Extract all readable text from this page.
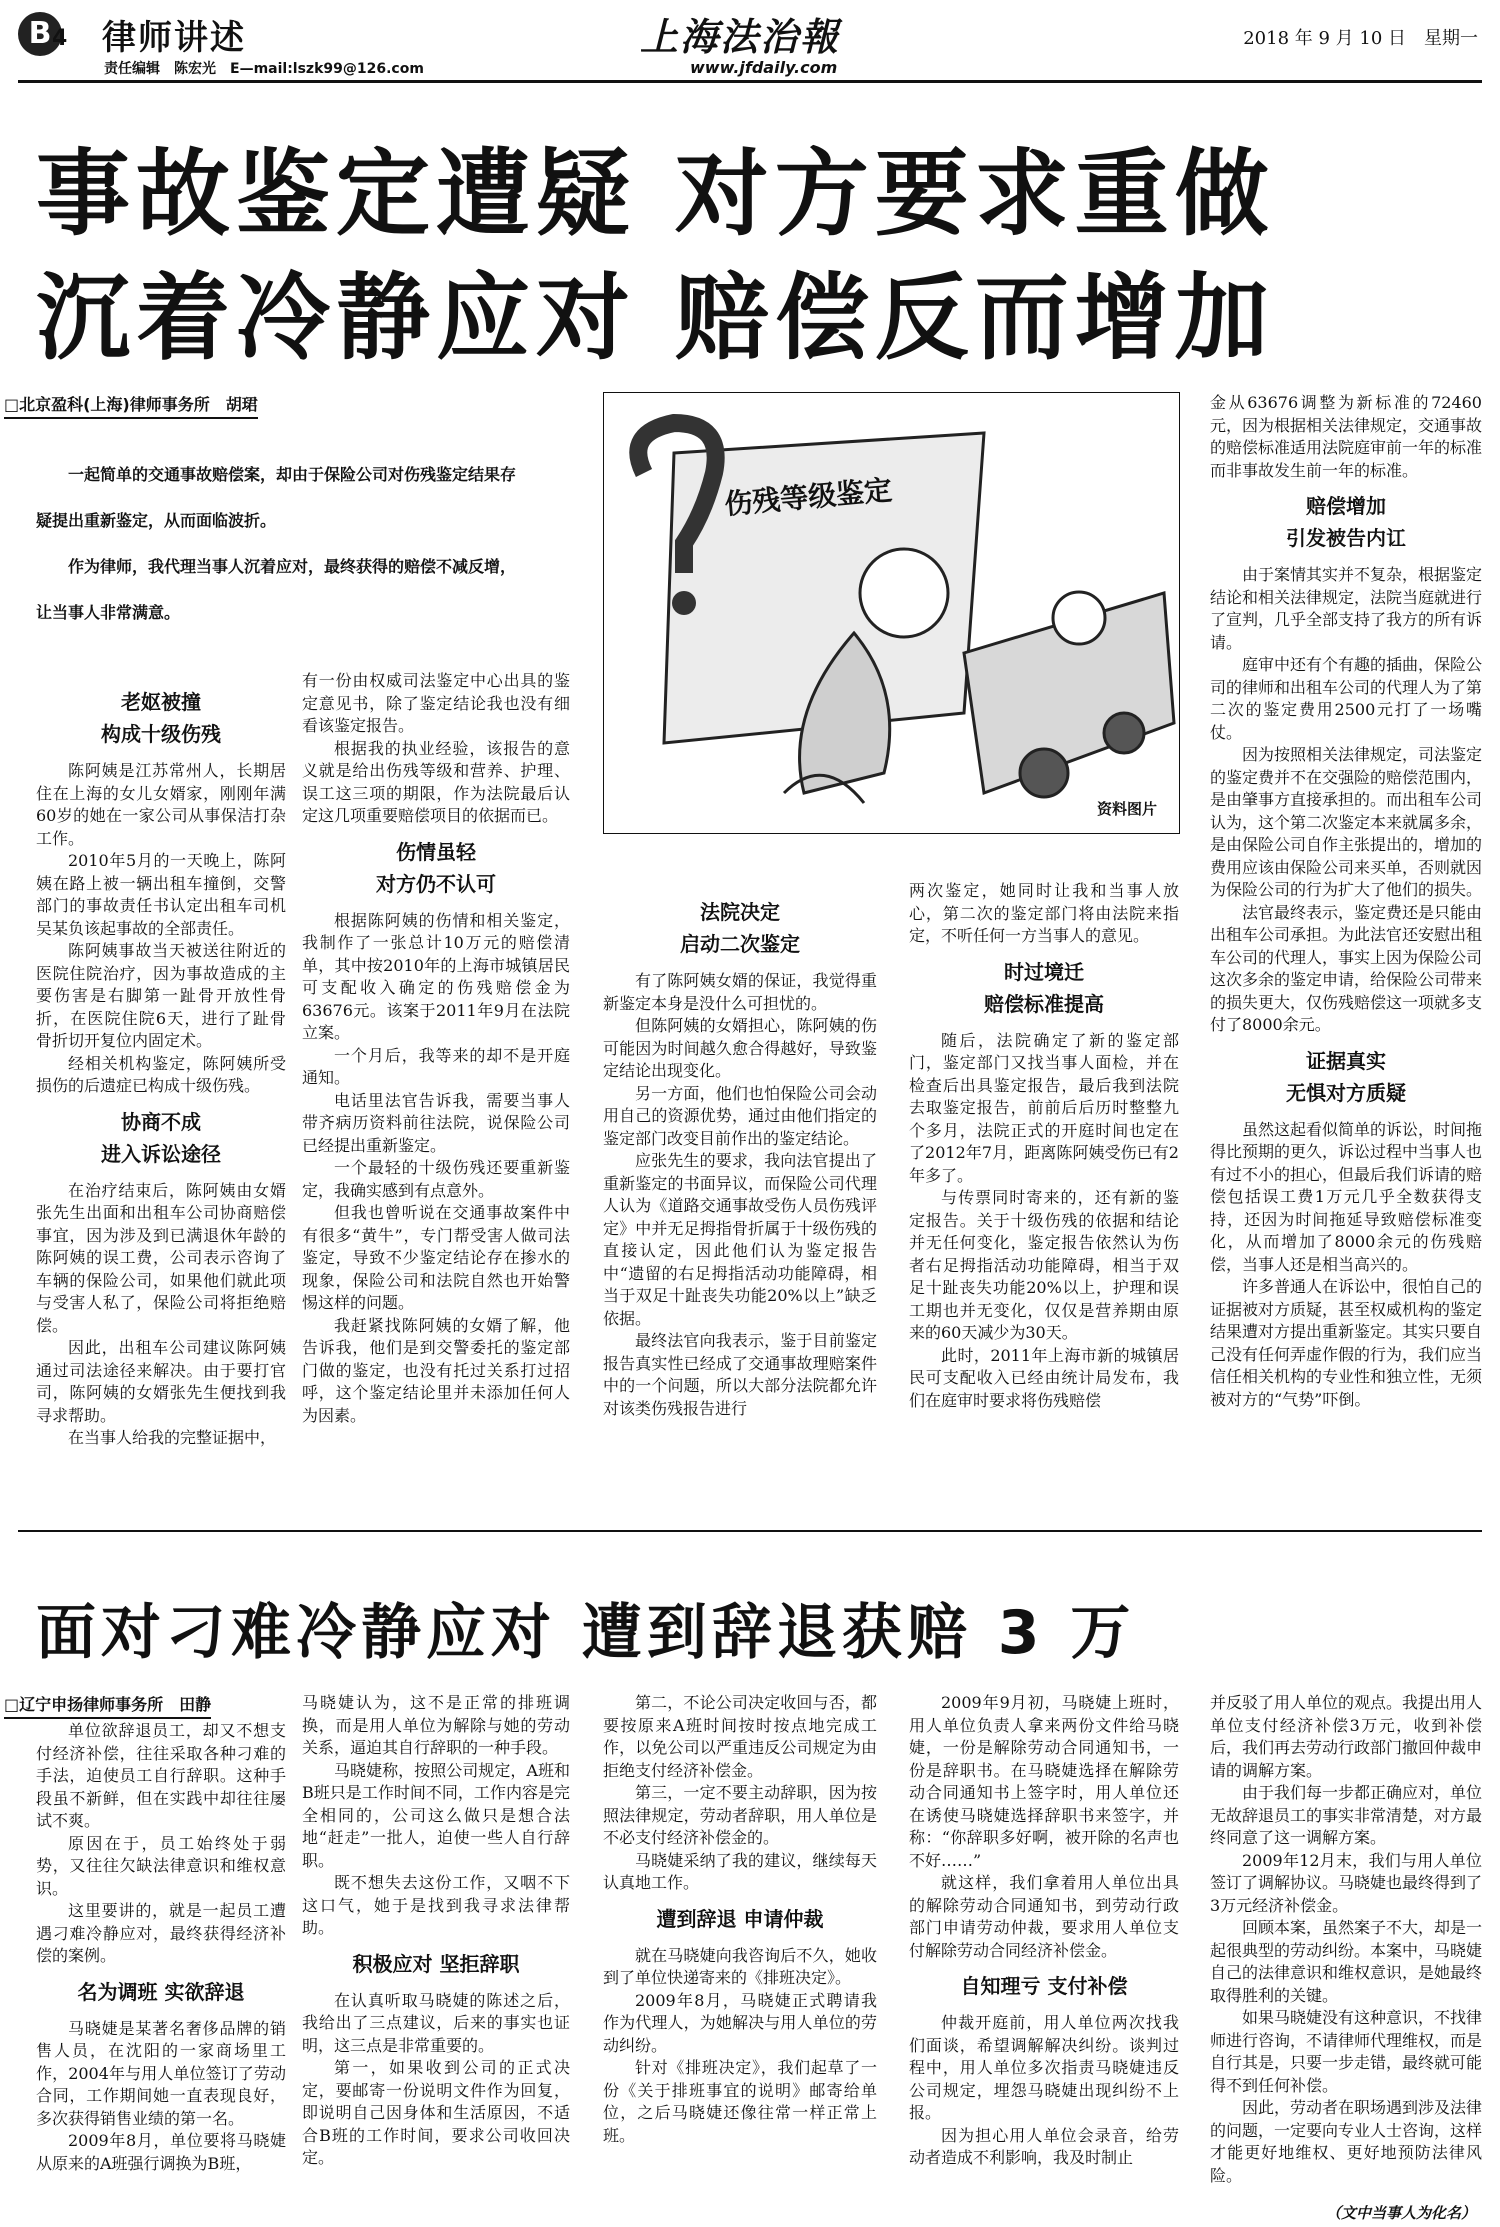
B 4 律师讲述
责任编辑　陈宏光　E—mail:lszk99@126.com
上海法治報
www.jfdaily.com
2018 年 9 月 10 日　星期一
事故鉴定遭疑 对方要求重做
沉着冷静应对 赔偿反而增加
□北京盈科(上海)律师事务所　胡珺

一起简单的交通事故赔偿案，却由于保险公司对伤残鉴定结果存疑提出重新鉴定，从而面临波折。

作为律师，我代理当事人沉着应对，最终获得的赔偿不减反增，让当事人非常满意。

伤残等级鉴定
资料图片
老妪被撞
构成十级伤残

陈阿姨是江苏常州人，长期居住在上海的女儿女婿家，刚刚年满60岁的她在一家公司从事保洁打杂工作。

2010年5月的一天晚上，陈阿姨在路上被一辆出租车撞倒，交警部门的事故责任书认定出租车司机吴某负该起事故的全部责任。

陈阿姨事故当天被送往附近的医院住院治疗，因为事故造成的主要伤害是右脚第一趾骨开放性骨折，在医院住院6天，进行了趾骨骨折切开复位内固定术。

经相关机构鉴定，陈阿姨所受损伤的后遗症已构成十级伤残。

协商不成
进入诉讼途径

在治疗结束后，陈阿姨由女婿张先生出面和出租车公司协商赔偿事宜，因为涉及到已满退休年龄的陈阿姨的误工费，公司表示咨询了车辆的保险公司，如果他们就此项与受害人私了，保险公司将拒绝赔偿。

因此，出租车公司建议陈阿姨通过司法途径来解决。由于要打官司，陈阿姨的女婿张先生便找到我寻求帮助。

在当事人给我的完整证据中，

有一份由权威司法鉴定中心出具的鉴定意见书，除了鉴定结论我也没有细看该鉴定报告。

根据我的执业经验，该报告的意义就是给出伤残等级和营养、护理、误工这三项的期限，作为法院最后认定这几项重要赔偿项目的依据而已。

伤情虽轻
对方仍不认可

根据陈阿姨的伤情和相关鉴定，我制作了一张总计10万元的赔偿清单，其中按2010年的上海市城镇居民可支配收入确定的伤残赔偿金为63676元。该案于2011年9月在法院立案。

一个月后，我等来的却不是开庭通知。

电话里法官告诉我，需要当事人带齐病历资料前往法院，说保险公司已经提出重新鉴定。

一个最轻的十级伤残还要重新鉴定，我确实感到有点意外。

但我也曾听说在交通事故案件中有很多“黄牛”，专门帮受害人做司法鉴定，导致不少鉴定结论存在掺水的现象，保险公司和法院自然也开始警惕这样的问题。

我赶紧找陈阿姨的女婿了解，他告诉我，他们是到交警委托的鉴定部门做的鉴定，也没有托过关系打过招呼，这个鉴定结论里并未添加任何人为因素。

法院决定
启动二次鉴定

有了陈阿姨女婿的保证，我觉得重新鉴定本身是没什么可担忧的。

但陈阿姨的女婿担心，陈阿姨的伤可能因为时间越久愈合得越好，导致鉴定结论出现变化。

另一方面，他们也怕保险公司会动用自己的资源优势，通过由他们指定的鉴定部门改变目前作出的鉴定结论。

应张先生的要求，我向法官提出了重新鉴定的书面异议，而保险公司代理人认为《道路交通事故受伤人员伤残评定》中并无足拇指骨折属于十级伤残的直接认定，因此他们认为鉴定报告中“遗留的右足拇指活动功能障碍，相当于双足十趾丧失功能20%以上”缺乏依据。

最终法官向我表示，鉴于目前鉴定报告真实性已经成了交通事故理赔案件中的一个问题，所以大部分法院都允许对该类伤残报告进行

两次鉴定，她同时让我和当事人放心，第二次的鉴定部门将由法院来指定，不听任何一方当事人的意见。

时过境迁
赔偿标准提高

随后，法院确定了新的鉴定部门，鉴定部门又找当事人面检，并在检查后出具鉴定报告，最后我到法院去取鉴定报告，前前后后历时整整九个多月，法院正式的开庭时间也定在了2012年7月，距离陈阿姨受伤已有2年多了。

与传票同时寄来的，还有新的鉴定报告。关于十级伤残的依据和结论并无任何变化，鉴定报告依然认为伤者右足拇指活动功能障碍，相当于双足十趾丧失功能20%以上，护理和误工期也并无变化，仅仅是营养期由原来的60天减少为30天。

此时，2011年上海市新的城镇居民可支配收入已经由统计局发布，我们在庭审时要求将伤残赔偿

金从63676调整为新标准的72460元，因为根据相关法律规定，交通事故的赔偿标准适用法院庭审前一年的标准而非事故发生前一年的标准。

赔偿增加
引发被告内讧

由于案情其实并不复杂，根据鉴定结论和相关法律规定，法院当庭就进行了宣判，几乎全部支持了我方的所有诉请。

庭审中还有个有趣的插曲，保险公司的律师和出租车公司的代理人为了第二次的鉴定费用2500元打了一场嘴仗。

因为按照相关法律规定，司法鉴定的鉴定费并不在交强险的赔偿范围内，是由肇事方直接承担的。而出租车公司认为，这个第二次鉴定本来就属多余，是由保险公司自作主张提出的，增加的费用应该由保险公司来买单，否则就因为保险公司的行为扩大了他们的损失。

法官最终表示，鉴定费还是只能由出租车公司承担。为此法官还安慰出租车公司的代理人，事实上因为保险公司这次多余的鉴定申请，给保险公司带来的损失更大，仅伤残赔偿这一项就多支付了8000余元。

证据真实
无惧对方质疑

虽然这起看似简单的诉讼，时间拖得比预期的更久，诉讼过程中当事人也有过不小的担心，但最后我们诉请的赔偿包括误工费1万元几乎全数获得支持，还因为时间拖延导致赔偿标准变化，从而增加了8000余元的伤残赔偿，当事人还是相当高兴的。

许多普通人在诉讼中，很怕自己的证据被对方质疑，甚至权威机构的鉴定结果遭对方提出重新鉴定。其实只要自己没有任何弄虚作假的行为，我们应当信任相关机构的专业性和独立性，无须被对方的“气势”吓倒。

面对刁难冷静应对 遭到辞退获赔 3 万
□辽宁申扬律师事务所　田静

单位欲辞退员工，却又不想支付经济补偿，往往采取各种刁难的手法，迫使员工自行辞职。这种手段虽不新鲜，但在实践中却往往屡试不爽。

原因在于，员工始终处于弱势，又往往欠缺法律意识和维权意识。

这里要讲的，就是一起员工遭遇刁难冷静应对，最终获得经济补偿的案例。

名为调班 实欲辞退

马晓婕是某著名奢侈品牌的销售人员，在沈阳的一家商场里工作，2004年与用人单位签订了劳动合同，工作期间她一直表现良好，多次获得销售业绩的第一名。

2009年8月，单位要将马晓婕从原来的A班强行调换为B班，

马晓婕认为，这不是正常的排班调换，而是用人单位为解除与她的劳动关系，逼迫其自行辞职的一种手段。

马晓婕称，按照公司规定，A班和B班只是工作时间不同，工作内容是完全相同的，公司这么做只是想合法地“赶走”一批人，迫使一些人自行辞职。

既不想失去这份工作，又咽不下这口气，她于是找到我寻求法律帮助。

积极应对 坚拒辞职

在认真听取马晓婕的陈述之后，我给出了三点建议，后来的事实也证明，这三点是非常重要的。

第一，如果收到公司的正式决定，要邮寄一份说明文件作为回复，即说明自己因身体和生活原因，不适合B班的工作时间，要求公司收回决定。

第二，不论公司决定收回与否，都要按原来A班时间按时按点地完成工作，以免公司以严重违反公司规定为由拒绝支付经济补偿金。

第三，一定不要主动辞职，因为按照法律规定，劳动者辞职，用人单位是不必支付经济补偿金的。

马晓婕采纳了我的建议，继续每天认真地工作。

遭到辞退 申请仲裁

就在马晓婕向我咨询后不久，她收到了单位快递寄来的《排班决定》。

2009年8月，马晓婕正式聘请我作为代理人，为她解决与用人单位的劳动纠纷。

针对《排班决定》，我们起草了一份《关于排班事宜的说明》邮寄给单位，之后马晓婕还像往常一样正常上班。

2009年9月初，马晓婕上班时，用人单位负责人拿来两份文件给马晓婕，一份是解除劳动合同通知书，一份是辞职书。在马晓婕选择在解除劳动合同通知书上签字时，用人单位还在诱使马晓婕选择辞职书来签字，并称：“你辞职多好啊，被开除的名声也不好……”

就这样，我们拿着用人单位出具的解除劳动合同通知书，到劳动行政部门申请劳动仲裁，要求用人单位支付解除劳动合同经济补偿金。

自知理亏 支付补偿

仲裁开庭前，用人单位两次找我们面谈，希望调解解决纠纷。谈判过程中，用人单位多次指责马晓婕违反公司规定，埋怨马晓婕出现纠纷不上报。

因为担心用人单位会录音，给劳动者造成不利影响，我及时制止

并反驳了用人单位的观点。我提出用人单位支付经济补偿3万元，收到补偿后，我们再去劳动行政部门撤回仲裁申请的调解方案。

由于我们每一步都正确应对，单位无故辞退员工的事实非常清楚，对方最终同意了这一调解方案。

2009年12月末，我们与用人单位签订了调解协议。马晓婕也最终得到了3万元经济补偿金。

回顾本案，虽然案子不大，却是一起很典型的劳动纠纷。本案中，马晓婕自己的法律意识和维权意识，是她最终取得胜利的关键。

如果马晓婕没有这种意识，不找律师进行咨询，不请律师代理维权，而是自行其是，只要一步走错，最终就可能得不到任何补偿。

因此，劳动者在职场遇到涉及法律的问题，一定要向专业人士咨询，这样才能更好地维权、更好地预防法律风险。

（文中当事人为化名）
